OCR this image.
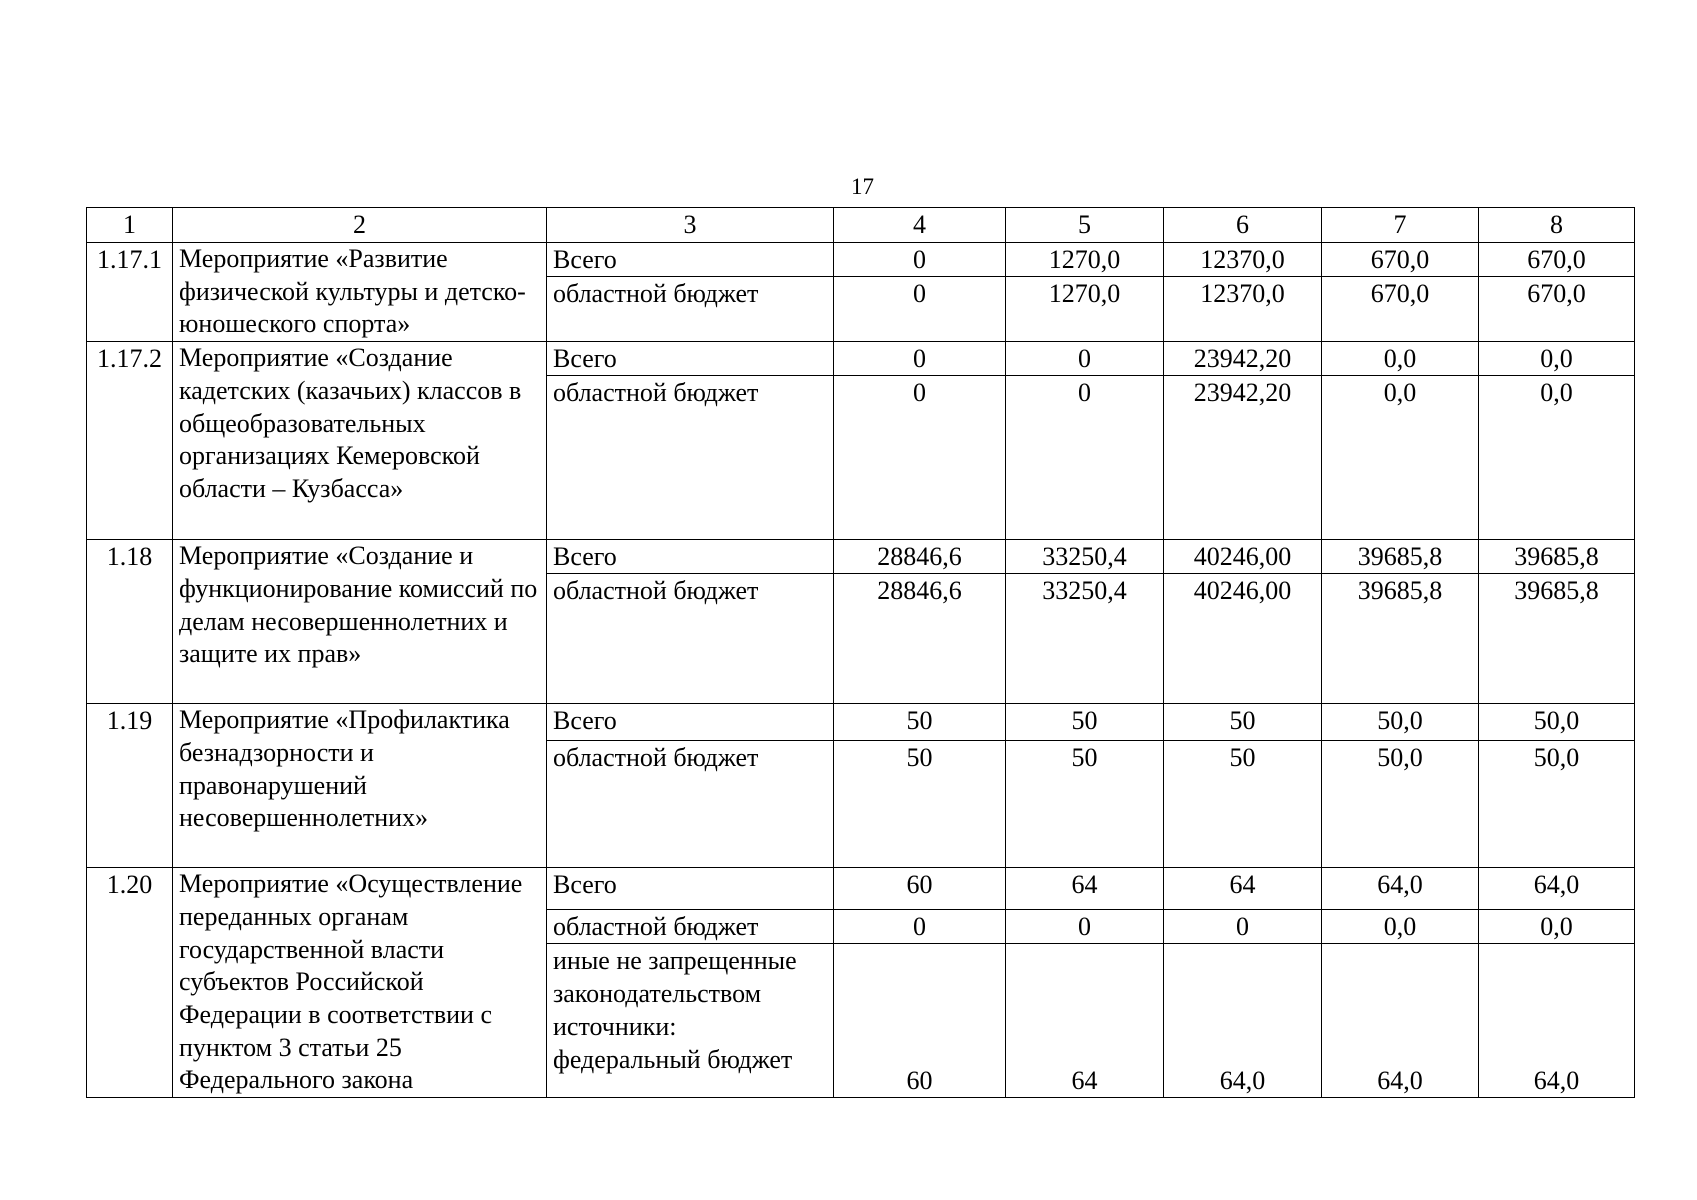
17
1	2	3	4	5	6	7	8
1.17.1	Мероприятие «Развитие физической культуры и детско-юношеского спорта»	Всего	0	1270,0	12370,0	670,0	670,0
		областной бюджет	0	1270,0	12370,0	670,0	670,0
1.17.2	Мероприятие «Создание кадетских (казачьих) классов в общеобразовательных организациях Кемеровской области – Кузбасса»	Всего	0	0	23942,20	0,0	0,0
		областной бюджет	0	0	23942,20	0,0	0,0
1.18	Мероприятие «Создание и функционирование комиссий по делам несовершеннолетних и защите их прав»	Всего	28846,6	33250,4	40246,00	39685,8	39685,8
		областной бюджет	28846,6	33250,4	40246,00	39685,8	39685,8
1.19	Мероприятие «Профилактика безнадзорности и правонарушений несовершеннолетних»	Всего	50	50	50	50,0	50,0
		областной бюджет	50	50	50	50,0	50,0
1.20	Мероприятие «Осуществление переданных органам государственной власти субъектов Российской Федерации в соответствии с пунктом 3 статьи 25 Федерального закона	Всего	60	64	64	64,0	64,0
		областной бюджет	0	0	0	0,0	0,0
		иные не запрещенные законодательством источники: федеральный бюджет	60	64	64,0	64,0	64,0
